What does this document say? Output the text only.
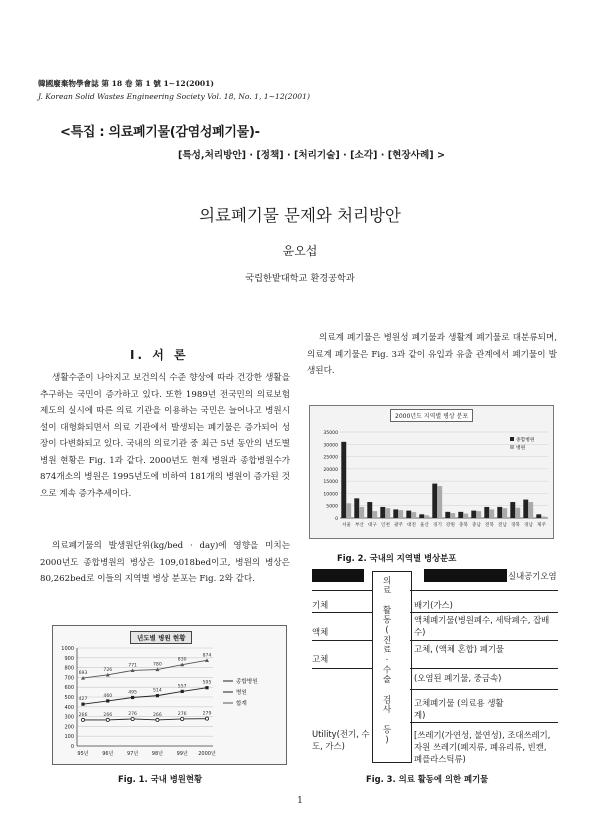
韓國廢棄物學會誌 第 18 卷 第 1 號 1∼12(2001)
J. Korean Solid Wastes Engineering Society Vol. 18, No. 1, 1∼12(2001)
<특집 : 의료폐기물(감염성폐기물)-
[특성,처리방안] · [정책] · [처리기술] · [소각] · [현장사례] >
의료폐기물 문제와 처리방안
윤오섭
국립한밭대학교 환경공학과
Ⅰ. 서 론
생활수준이 나아지고 보건의식 수준 향상에 따라 건강한 생활을 추구하는 국민이 증가하고 있다. 또한 1989년 전국민의 의료보험제도의 실시에 따른 의료 기관을 이용하는 국민은 늘어나고 병원시설이 대형화되면서 의료 기관에서 발생되는 폐기물은 증가되어 성장이 다변화되고 있다. 국내의 의료기관 중 최근 5년 동안의 년도별 병원 현황은 Fig. 1과 같다. 2000년도 현재 병원과 종합병원수가 874개소의 병원은 1995년도에 비하여 181개의 병원이 증가된 것으로 계속 증가추세이다.
의료폐기물의 발생원단위(kg/bed · day)에 영향을 미치는 2000년도 종합병원의 병상은 109,018bed이고, 병원의 병상은 80,262bed로 이들의 지역별 병상 분포는 Fig. 2와 같다.
의료계 폐기물은 병원성 폐기물과 생활계 폐기물로 대분류되며, 의료계 폐기물은 Fig. 3과 같이 유입과 유출 관계에서 폐기물이 발생된다.
0
100
200
300
400
500
600
700
800
900
1000
95년	96년	97년	98년	99년 2000년
266	266	276	266	276	279
427
460
495	514
557
595
693
726
771	780
830
874
종합병원
병원
합계
년도별 병원 현황
Fig. 1. 국내 병원현황
0
5000
10000
15000
20000
25000
30000
35000
서울 부산 대구 인천 광주 대전 울산 경기 강원 충북 충남 전북 전남 경북 경남 제주
종합병원
병원
2000년도 지역별 병상 분포
Fig. 2. 국내의 지역별 병상분포
실내공기오염
의료 활동(진료·수술 검사 등)
기체
액체
고체
Utility(전기, 수도, 가스)
배기(가스)
액체폐기물(병원폐수, 세탁폐수, 잡배수)
고체, (액체 혼합) 폐기물
(오염된 폐기물, 중금속)
고체폐기물 (의료용 생활계)
[쓰레기(가연성, 불연성), 조대쓰레기, 자원 쓰레기(폐지류, 폐유리류, 빈캔, 폐플라스틱류)
Fig. 3. 의료 활동에 의한 폐기물
1
